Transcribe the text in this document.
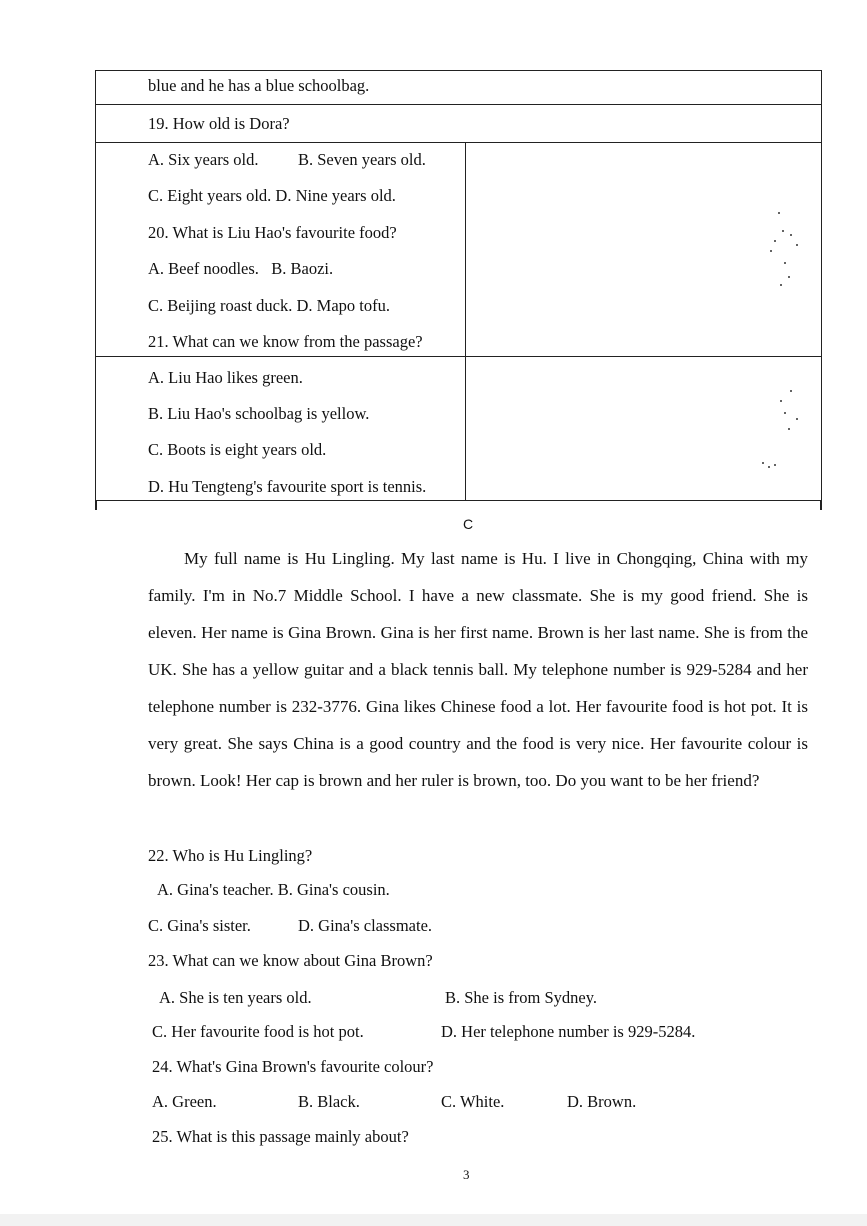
blue and he has a blue schoolbag.
19. How old is Dora?
A. Six years old. B. Seven years old.
C. Eight years old. D. Nine years old.
20. What is Liu Hao's favourite food?
A. Beef noodles.   B. Baozi.
C. Beijing roast duck. D. Mapo tofu.
21. What can we know from the passage?
A. Liu Hao likes green.
B. Liu Hao's schoolbag is yellow.
C. Boots is eight years old.
D. Hu Tengteng's favourite sport is tennis.
C

My full name is Hu Lingling. My last name is Hu. I live in Chongqing, China with my family. I'm in No.7 Middle School. I have a new classmate. She is my good friend. She is eleven. Her name is Gina Brown. Gina is her first name. Brown is her last name. She is from the UK. She has a yellow guitar and a black tennis ball. My telephone number is 929-5284 and her telephone number is 232-3776. Gina likes Chinese food a lot. Her favourite food is hot pot. It is very great. She says China is a good country and the food is very nice. Her favourite colour is brown. Look! Her cap is brown and her ruler is brown, too. Do you want to be her friend?

22. Who is Hu Lingling?
A. Gina's teacher. B. Gina's cousin.
C. Gina's sister.	D. Gina's classmate.
23. What can we know about Gina Brown?
A. She is ten years old.	B. She is from Sydney.
C. Her favourite food is hot pot.	D. Her telephone number is 929-5284.
24. What's Gina Brown's favourite colour?
A. Green.	B. Black.	C. White.	D. Brown.
25. What is this passage mainly about?
3
